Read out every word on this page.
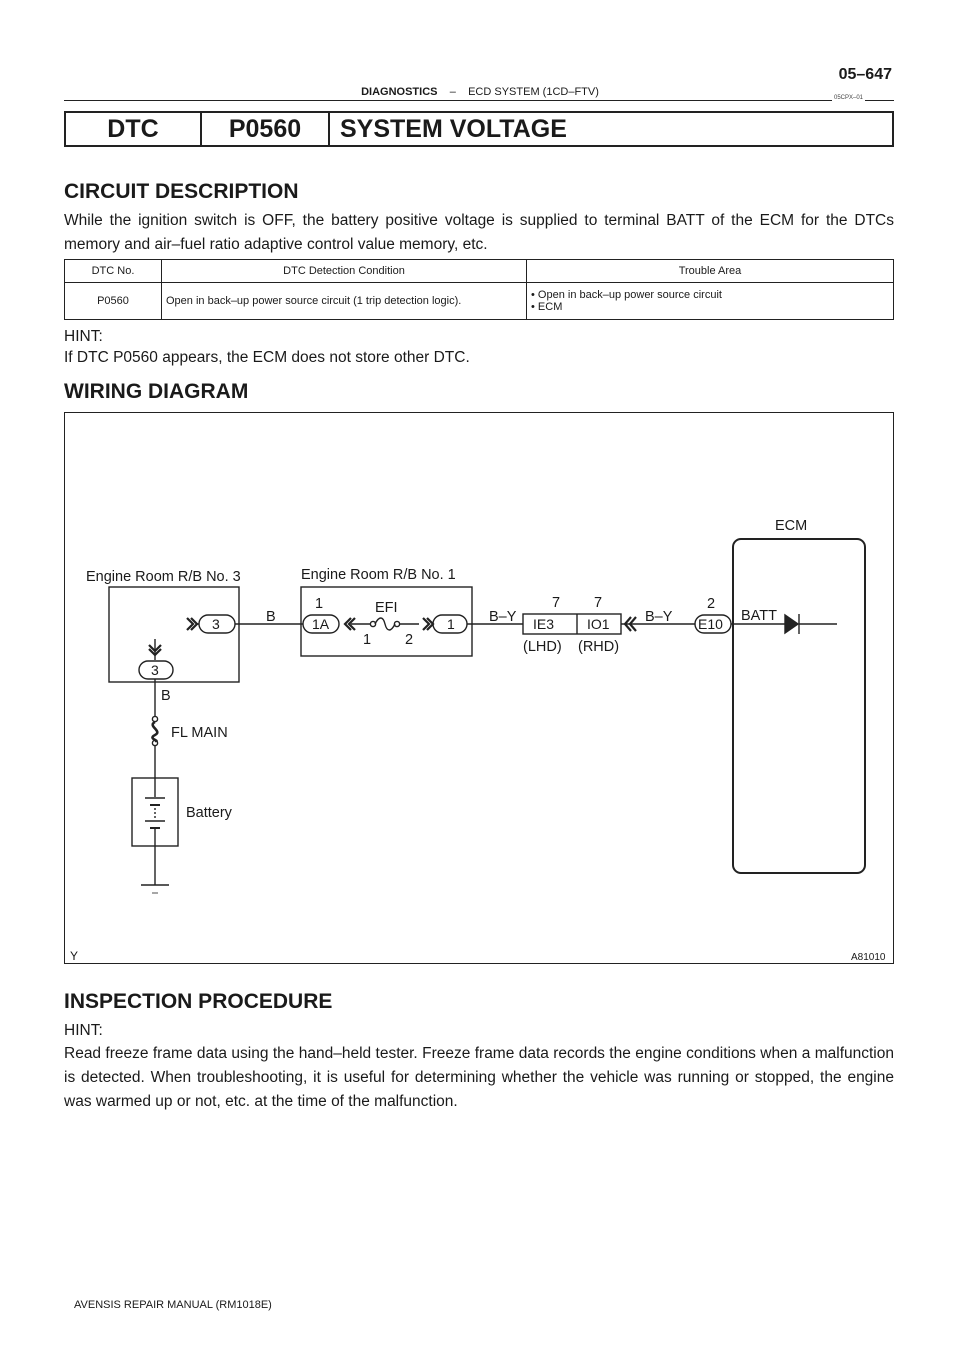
DIAGNOSTICS – ECD SYSTEM (1CD–FTV)
05–647
05CPX–01
DTC	P0560	SYSTEM VOLTAGE
CIRCUIT DESCRIPTION
While the ignition switch is OFF, the battery positive voltage is supplied to terminal BATT of the ECM for the DTCs memory and air–fuel ratio adaptive control value memory, etc.
DTC No.	DTC Detection Condition	Trouble Area
P0560	Open in back–up power source circuit (1 trip detection logic).	• Open in back–up power source circuit
• ECM
HINT:
If DTC P0560 appears, the ECM does not store other DTC.
WIRING DIAGRAM
ECM
Engine Room R/B No. 3	Engine Room R/B No. 1
3	B
1
1A
EFI
1 2
1 B–Y
7 7
IE3 IO1
(LHD) (RHD)
B–Y
2
E10 BATT
3
B
FL MAIN
Battery
Y	A81010
INSPECTION PROCEDURE
HINT:
Read freeze frame data using the hand–held tester. Freeze frame data records the engine conditions when a malfunction is detected. When troubleshooting, it is useful for determining whether the vehicle was running or stopped, the engine was warmed up or not, etc. at the time of the malfunction.
AVENSIS REPAIR MANUAL (RM1018E)
